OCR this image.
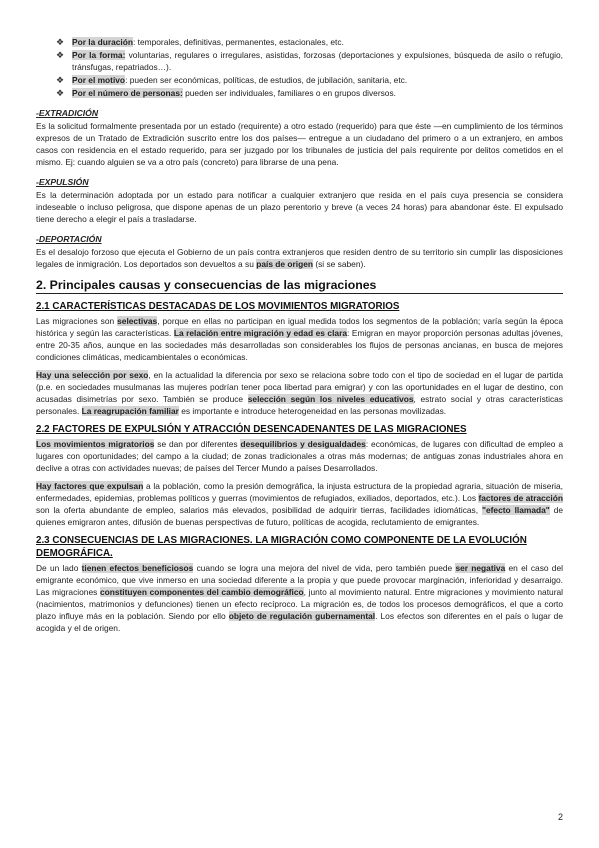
❖ Por la duración: temporales, definitivas, permanentes, estacionales, etc.
❖ Por la forma: voluntarias, regulares o irregulares, asistidas, forzosas (deportaciones y expulsiones, búsqueda de asilo o refugio, tránsfugas, repatriados…).
❖ Por el motivo: pueden ser económicas, políticas, de estudios, de jubilación, sanitaria, etc.
❖ Por el número de personas: pueden ser individuales, familiares o en grupos diversos.
-EXTRADICIÓN

Es la solicitud formalmente presentada por un estado (requirente) a otro estado (requerido) para que éste —en cumplimiento de los términos expresos de un Tratado de Extradición suscrito entre los dos países— entregue a un ciudadano del primero o a un extranjero, en ambos casos con residencia en el estado requerido, para ser juzgado por los tribunales de justicia del país requirente por delitos cometidos en el mismo. Ej: cuando alguien se va a otro país (concreto) para librarse de una pena.

-EXPULSIÓN

Es la determinación adoptada por un estado para notificar a cualquier extranjero que resida en el país cuya presencia se considera indeseable o incluso peligrosa, que dispone apenas de un plazo perentorio y breve (a veces 24 horas) para abandonar éste. El expulsado tiene derecho a elegir el país a trasladarse.

-DEPORTACIÓN

Es el desalojo forzoso que ejecuta el Gobierno de un país contra extranjeros que residen dentro de su territorio sin cumplir las disposiciones legales de inmigración. Los deportados son devueltos a su país de origen (si se saben).

2. Principales causas y consecuencias de las migraciones
2.1 CARACTERÍSTICAS DESTACADAS DE LOS MOVIMIENTOS MIGRATORIOS

Las migraciones son selectivas, porque en ellas no participan en igual medida todos los segmentos de la población; varía según la época histórica y según las características. La relación entre migración y edad es clara: Emigran en mayor proporción personas adultas jóvenes, entre 20-35 años, aunque en las sociedades más desarrolladas son considerables los flujos de personas ancianas, en busca de mejores condiciones climáticas, medicambientales o económicas.

Hay una selección por sexo, en la actualidad la diferencia por sexo se relaciona sobre todo con el tipo de sociedad en el lugar de partida (p.e. en sociedades musulmanas las mujeres podrían tener poca libertad para emigrar) y con las oportunidades en el lugar de destino, con acusadas disimetrías por sexo. También se produce selección según los niveles educativos, estrato social y otras características personales. La reagrupación familiar es importante e introduce heterogeneidad en las personas movilizadas.

2.2 FACTORES DE EXPULSIÓN Y ATRACCIÓN DESENCADENANTES DE LAS MIGRACIONES

Los movimientos migratorios se dan por diferentes desequilibrios y desigualdades: económicas, de lugares con dificultad de empleo a lugares con oportunidades; del campo a la ciudad; de zonas tradicionales a otras más modernas; de antiguas zonas industriales ahora en declive a otras con actividades nuevas; de países del Tercer Mundo a países Desarrollados.

Hay factores que expulsan a la población, como la presión demográfica, la injusta estructura de la propiedad agraria, situación de miseria, enfermedades, epidemias, problemas políticos y guerras (movimientos de refugiados, exiliados, deportados, etc.). Los factores de atracción son la oferta abundante de empleo, salarios más elevados, posibilidad de adquirir tierras, facilidades idiomáticas, "efecto llamada" de quienes emigraron antes, difusión de buenas perspectivas de futuro, políticas de acogida, reclutamiento de emigrantes.

2.3 CONSECUENCIAS DE LAS MIGRACIONES. LA MIGRACIÓN COMO COMPONENTE DE LA EVOLUCIÓN DEMOGRÁFICA.

De un lado tienen efectos beneficiosos cuando se logra una mejora del nivel de vida, pero también puede ser negativa en el caso del emigrante económico, que vive inmerso en una sociedad diferente a la propia y que puede provocar marginación, inferioridad y desarraigo. Las migraciones constituyen componentes del cambio demográfico, junto al movimiento natural. Entre migraciones y movimiento natural (nacimientos, matrimonios y defunciones) tienen un efecto recíproco. La migración es, de todos los procesos demográficos, el que a corto plazo influye más en la población. Siendo por ello objeto de regulación gubernamental. Los efectos son diferentes en el país o lugar de acogida y el de origen.

2
